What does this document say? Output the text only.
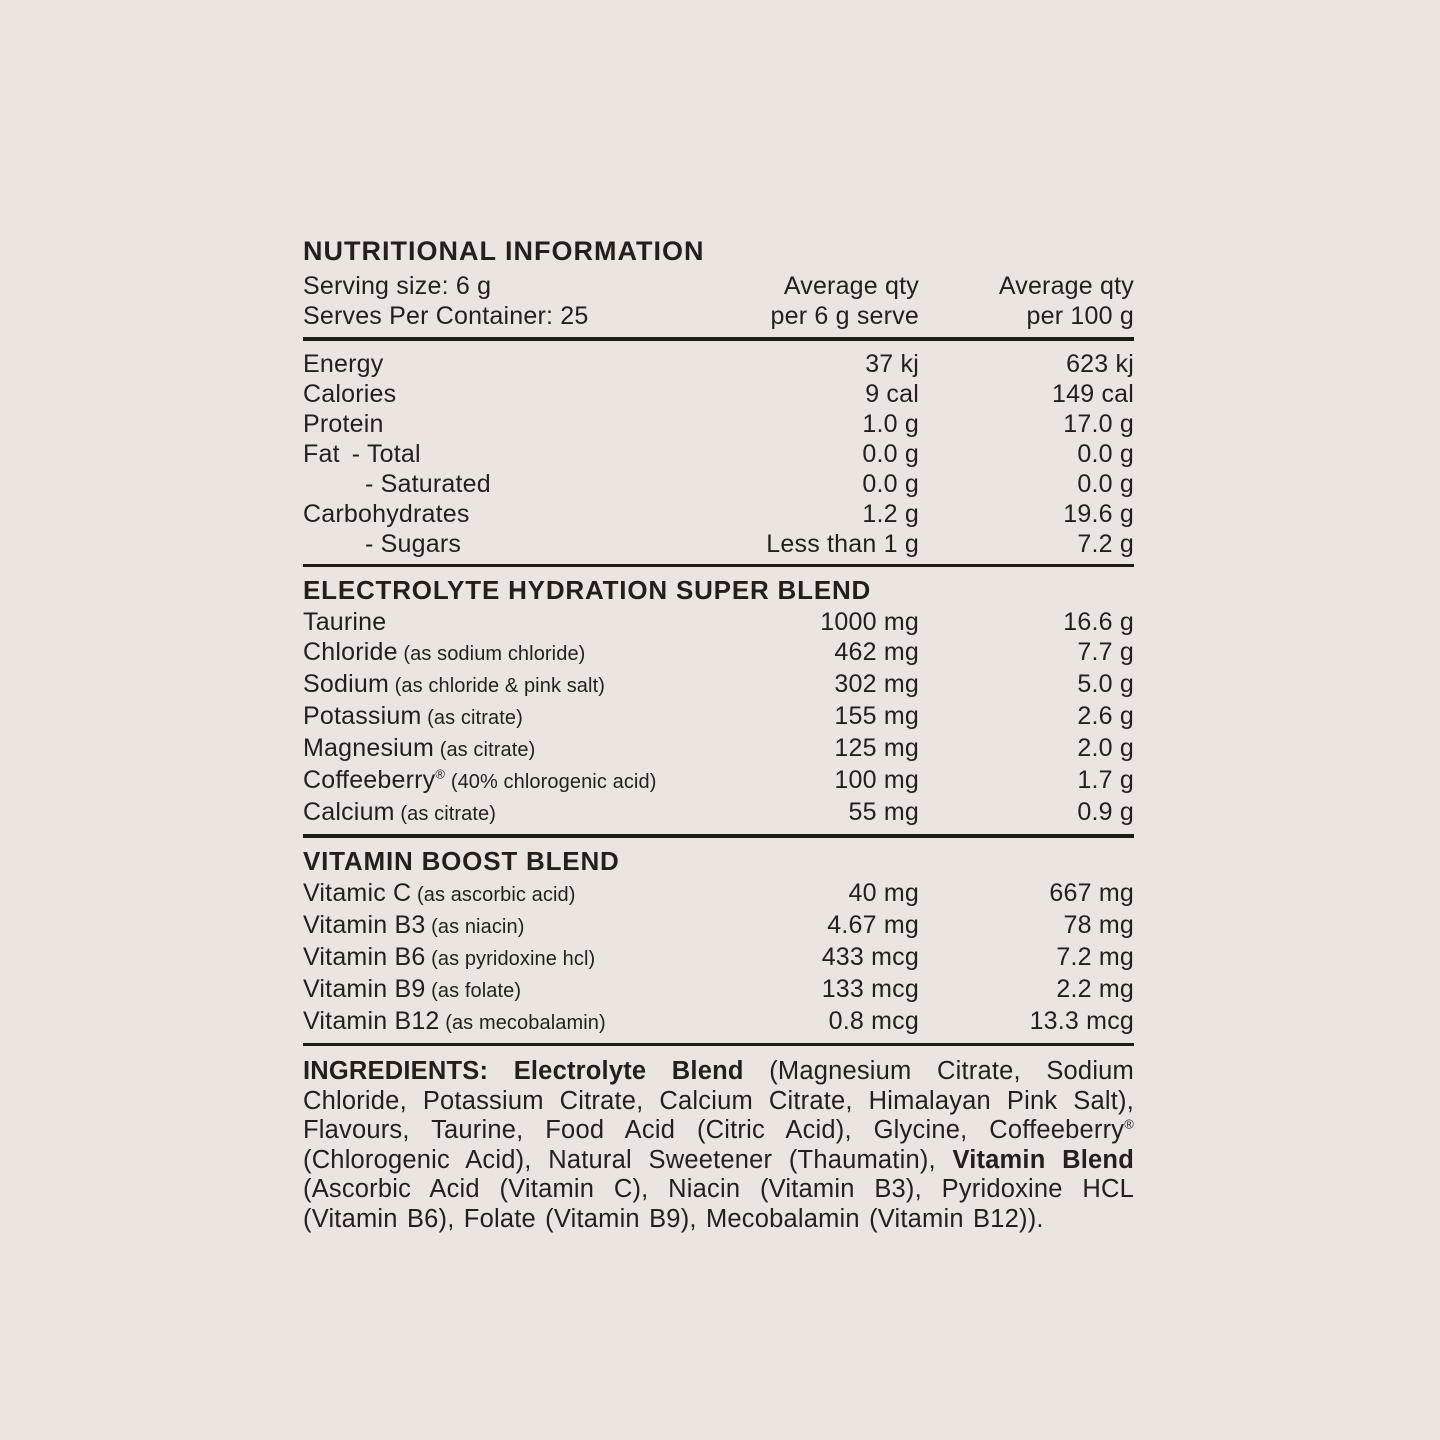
NUTRITIONAL INFORMATION
Serving size: 6 g
Serves Per Container: 25
Average qty
per 6 g serve
Average qty
per 100 g
Energy	37 kj	623 kj
Calories	9 cal	149 cal
Protein	1.0 g	17.0 g
Fat - Total	0.0 g	0.0 g
- Saturated	0.0 g	0.0 g
Carbohydrates	1.2 g	19.6 g
- Sugars	Less than 1 g	7.2 g
ELECTROLYTE HYDRATION SUPER BLEND
Taurine	1000 mg	16.6 g
Chloride (as sodium chloride)	462 mg	7.7 g
Sodium (as chloride & pink salt)	302 mg	5.0 g
Potassium (as citrate)	155 mg	2.6 g
Magnesium (as citrate)	125 mg	2.0 g
Coffeeberry® (40% chlorogenic acid)	100 mg	1.7 g
Calcium (as citrate)	55 mg	0.9 g
VITAMIN BOOST BLEND
Vitamic C (as ascorbic acid)	40 mg	667 mg
Vitamin B3 (as niacin)	4.67 mg	78 mg
Vitamin B6 (as pyridoxine hcl)	433 mcg	7.2 mg
Vitamin B9 (as folate)	133 mcg	2.2 mg
Vitamin B12 (as mecobalamin)	0.8 mcg	13.3 mcg

INGREDIENTS: Electrolyte Blend (Magnesium Citrate, Sodium Chloride, Potassium Citrate, Calcium Citrate, Himalayan Pink Salt), Flavours, Taurine, Food Acid (Citric Acid), Glycine, Coffeeberry® (Chlorogenic Acid), Natural Sweetener (Thaumatin), Vitamin Blend (Ascorbic Acid (Vitamin C), Niacin (Vitamin B3), Pyridoxine HCL (Vitamin B6), Folate (Vitamin B9), Mecobalamin (Vitamin B12)).
